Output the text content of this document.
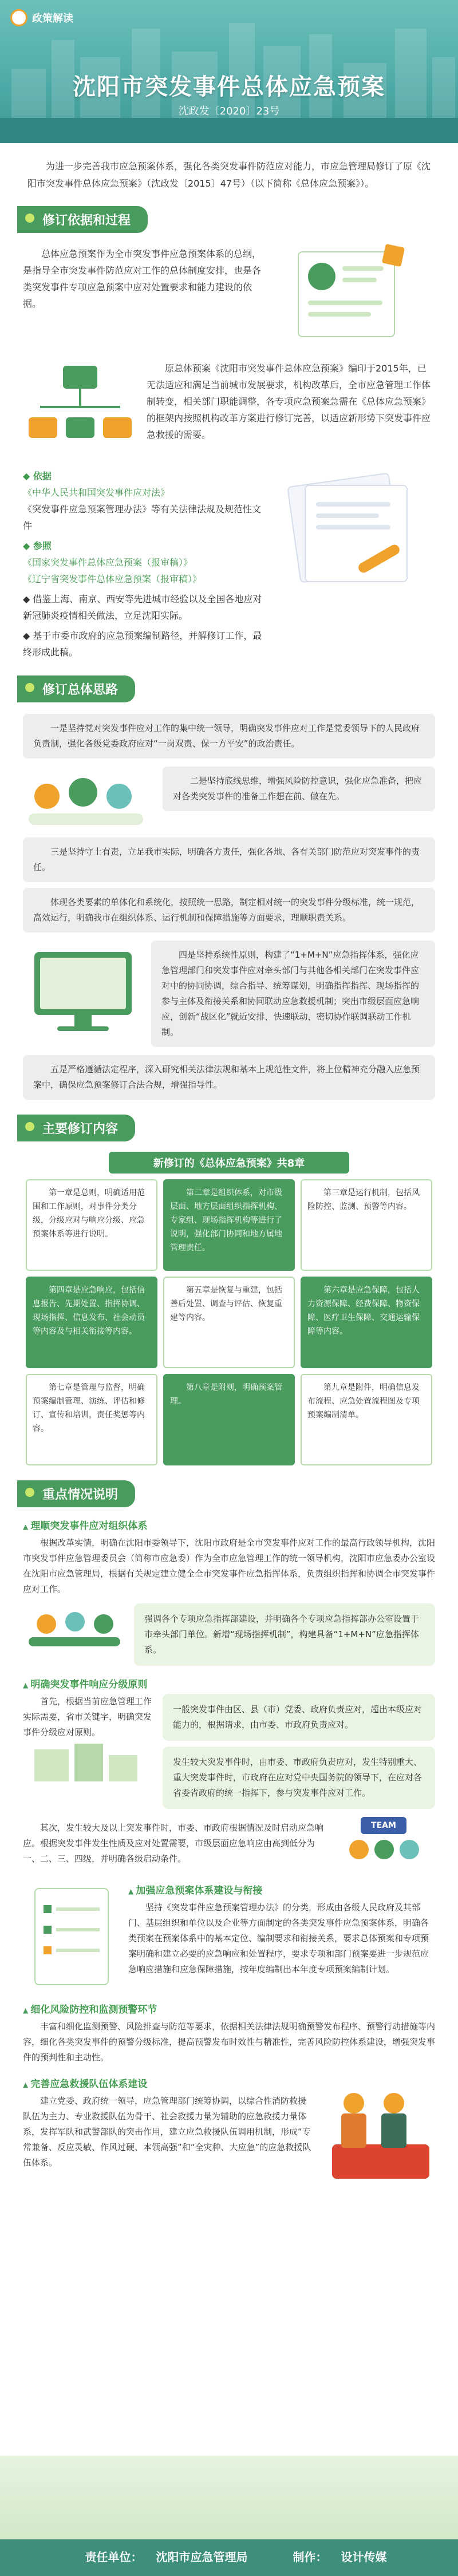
政策解读
沈阳市突发事件总体应急预案
沈政发〔2020〕23号
为进一步完善我市应急预案体系，强化各类突发事件防范应对能力，市应急管理局修订了原《沈阳市突发事件总体应急预案》（沈政发〔2015〕47号）（以下简称《总体应急预案》）。
修订依据和过程
总体应急预案作为全市突发事件应急预案体系的总纲，是指导全市突发事件防范应对工作的总体制度安排，也是各类突发事件专项应急预案中应对处置要求和能力建设的依据。
原总体预案《沈阳市突发事件总体应急预案》编印于2015年，已无法适应和满足当前城市发展要求，机构改革后，全市应急管理工作体制转变，相关部门职能调整，各专项应急预案急需在《总体应急预案》的框架内按照机构改革方案进行修订完善，以适应新形势下突发事件应急救援的需要。
◆ 依据
《中华人民共和国突发事件应对法》
《突发事件应急预案管理办法》等有关法律法规及规范性文件
◆ 参照
《国家突发事件总体应急预案（报审稿）》
《辽宁省突发事件总体应急预案（报审稿）》
◆ 借鉴上海、南京、西安等先进城市经验以及全国各地应对新冠肺炎疫情相关做法，立足沈阳实际。
◆ 基于市委市政府的应急预案编制路径，并解修订工作，最终形成此稿。
修订总体思路
一是坚持党对突发事件应对工作的集中统一领导，明确突发事件应对工作是党委领导下的人民政府负责制，强化各级党委政府应对“一岗双责、保一方平安”的政治责任。
二是坚持底线思维，增强风险防控意识，强化应急准备，把应对各类突发事件的准备工作想在前、做在先。
三是坚持守土有责，立足我市实际，明确各方责任，强化各地、各有关部门防范应对突发事件的责任。
体现各类要素的单体化和系统化，按照统一思路，制定相对统一的突发事件分级标准，统一规范，高效运行，明确我市在组织体系、运行机制和保障措施等方面要求，理顺职责关系。
四是坚持系统性原则，构建了“1+M+N”应急指挥体系，强化应急管理部门和突发事件应对牵头部门与其他各相关部门在突发事件应对中的协同协调，综合指导、统筹谋划，明确指挥指挥、现场指挥的参与主体及衔接关系和协同联动应急救援机制；突出市级层面应急响应，创新“战区化”就近安排，快速联动，密切协作联调联动工作机制。
五是严格遵循法定程序，深入研究相关法律法规和基本上规范性文件，将上位精神充分融入应急预案中，确保应急预案修订合法合规，增强指导性。
主要修订内容
新修订的《总体应急预案》共8章
第一章是总则，明确适用范围和工作原则，对事件分类分级，分级应对与响应分级、应急预案体系等进行说明。
第二章是组织体系，对市级层面、地方层面组织指挥机构、专家组、现场指挥机构等进行了说明，强化部门协同和地方属地管理责任。
第三章是运行机制，包括风险防控、监测、预警等内容。
第四章是应急响应，包括信息报告、先期处置、指挥协调、现场指挥、信息发布、社会动员等内容及与相关衔接等内容。
第五章是恢复与重建，包括善后处置、调查与评估、恢复重建等内容。
第六章是应急保障，包括人力资源保障、经费保障、物资保障、医疗卫生保障、交通运输保障等内容。
第七章是管理与监督，明确预案编制管理、演练、评估和修订、宣传和培训，责任奖惩等内容。
第八章是附则，明确预案管理。
第九章是附件，明确信息发布流程、应急处置流程图及专项预案编制清单。
重点情况说明
▲ 理顺突发事件应对组织体系
根据改革实情，明确在沈阳市委领导下，沈阳市政府是全市突发事件应对工作的最高行政领导机构，沈阳市突发事件应急管理委员会（简称市应急委）作为全市应急管理工作的统一领导机构，沈阳市应急委办公室设在沈阳市应急管理局，根据有关规定建立健全全市突发事件应急指挥体系，负责组织指挥和协调全市突发事件应对工作。
强调各个专项应急指挥部建设，并明确各个专项应急指挥部办公室设置于市牵头部门单位。新增“现场指挥机制”，构建具备“1+M+N”应急指挥体系。
▲ 明确突发事件响应分级原则
首先，根据当前应急管理工作实际需要，省市关键字，明确突发事件分级应对原则。
一般突发事件由区、县（市）党委、政府负责应对，超出本级应对能力的，根据请求，由市委、市政府负责应对。
发生较大突发事件时，由市委、市政府负责应对，发生特别重大、重大突发事件时，市政府在应对党中央国务院的领导下，在应对各省委省政府的统一指挥下，参与突发事件应对工作。
其次，发生较大及以上突发事件时，市委、市政府根据情况及时启动应急响应。根据突发事件发生性质及应对处置需要，市级层面应急响应由高到低分为一、二、三、四级，并明确各级启动条件。
TEAM
▲ 加强应急预案体系建设与衔接
坚持《突发事件应急预案管理办法》的分类，形成由各级人民政府及其部门、基层组织和单位以及企业等方面制定的各类突发事件应急预案体系，明确各类预案在预案体系中的基本定位、编制要求和衔接关系，要求总体预案和专项预案明确和建立必要的应急响应和处置程序，要求专项和部门预案要进一步规范应急响应措施和应急保障措施，按年度编制出本年度专项预案编制计划。
▲ 细化风险防控和监测预警环节
丰富和细化监测预警、风险排查与防范等要求，依据相关法律法规明确预警发布程序、预警行动措施等内容，细化各类突发事件的预警分级标准，提高预警发布时效性与精准性，完善风险防控体系建设，增强突发事件的预判性和主动性。
▲ 完善应急救援队伍体系建设
建立党委、政府统一领导，应急管理部门统筹协调，以综合性消防救援队伍为主力、专业救援队伍为骨干、社会救援力量为辅助的应急救援力量体系，发挥军队和武警部队的突击作用，建立应急救援队伍调用机制，形成“专常兼备、反应灵敏、作风过硬、本领高强”和“全灾种、大应急”的应急救援队伍体系。
责任单位： 沈阳市应急管理局	制作： 设计传媒
